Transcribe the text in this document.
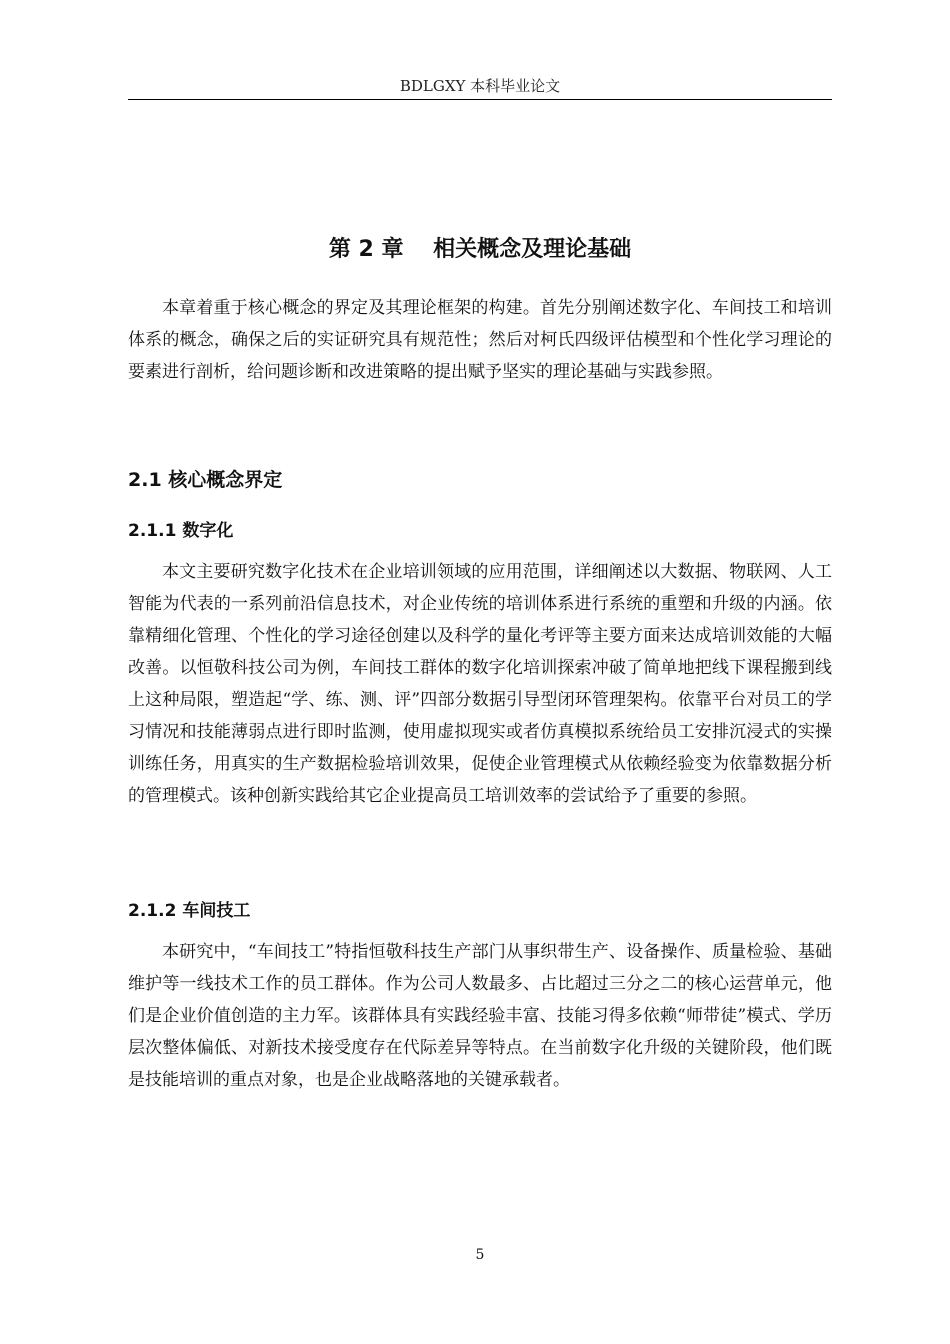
BDLGXY 本科毕业论文
第 2 章　 相关概念及理论基础

本章着重于核心概念的界定及其理论框架的构建。首先分别阐述数字化、车间技工和培训体系的概念，确保之后的实证研究具有规范性；然后对柯氏四级评估模型和个性化学习理论的要素进行剖析，给问题诊断和改进策略的提出赋予坚实的理论基础与实践参照。

2.1 核心概念界定
2.1.1 数字化

本文主要研究数字化技术在企业培训领域的应用范围，详细阐述以大数据、物联网、人工智能为代表的一系列前沿信息技术，对企业传统的培训体系进行系统的重塑和升级的内涵。依靠精细化管理、个性化的学习途径创建以及科学的量化考评等主要方面来达成培训效能的大幅改善。以恒敬科技公司为例，车间技工群体的数字化培训探索冲破了简单地把线下课程搬到线上这种局限，塑造起“学、练、测、评”四部分数据引导型闭环管理架构。依靠平台对员工的学习情况和技能薄弱点进行即时监测，使用虚拟现实或者仿真模拟系统给员工安排沉浸式的实操训练任务，用真实的生产数据检验培训效果，促使企业管理模式从依赖经验变为依靠数据分析的管理模式。该种创新实践给其它企业提高员工培训效率的尝试给予了重要的参照。

2.1.2 车间技工

本研究中，“车间技工”特指恒敬科技生产部门从事织带生产、设备操作、质量检验、基础维护等一线技术工作的员工群体。作为公司人数最多、占比超过三分之二的核心运营单元，他们是企业价值创造的主力军。该群体具有实践经验丰富、技能习得多依赖“师带徒”模式、学历层次整体偏低、对新技术接受度存在代际差异等特点。在当前数字化升级的关键阶段，他们既是技能培训的重点对象，也是企业战略落地的关键承载者。

5
